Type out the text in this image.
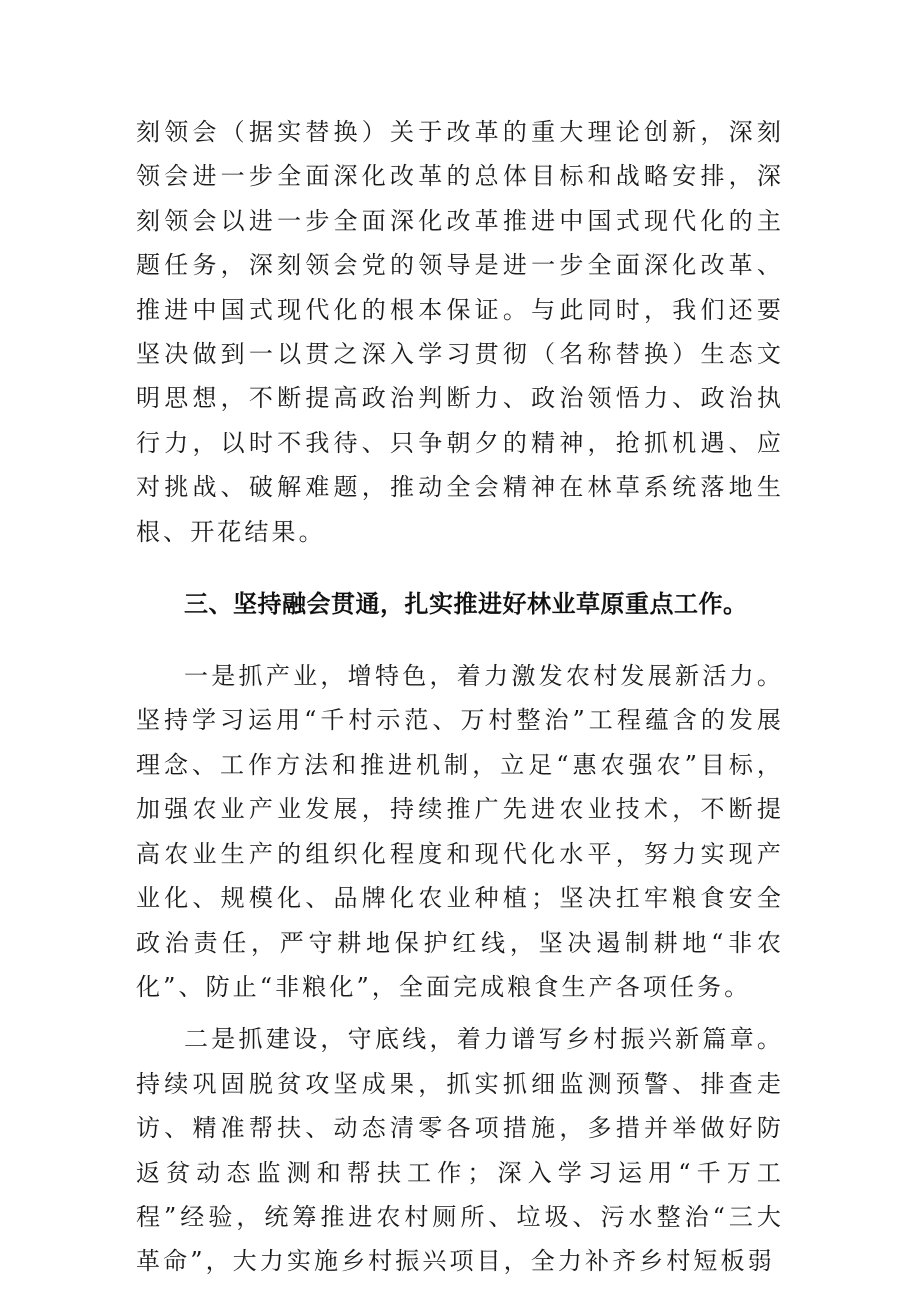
刻领会（据实替换）关于改革的重大理论创新，深刻领会进一步全面深化改革的总体目标和战略安排，深刻领会以进一步全面深化改革推进中国式现代化的主题任务，深刻领会党的领导是进一步全面深化改革、推进中国式现代化的根本保证。与此同时，我们还要坚决做到一以贯之深入学习贯彻（名称替换）生态文明思想，不断提高政治判断力、政治领悟力、政治执行力，以时不我待、只争朝夕的精神，抢抓机遇、应对挑战、破解难题，推动全会精神在林草系统落地生根、开花结果。

三、坚持融会贯通，扎实推进好林业草原重点工作。

一是抓产业，增特色，着力激发农村发展新活力。坚持学习运用“千村示范、万村整治”工程蕴含的发展理念、工作方法和推进机制，立足“惠农强农”目标，加强农业产业发展，持续推广先进农业技术，不断提高农业生产的组织化程度和现代化水平，努力实现产业化、规模化、品牌化农业种植；坚决扛牢粮食安全政治责任，严守耕地保护红线，坚决遏制耕地“非农化”、防止“非粮化”，全面完成粮食生产各项任务。

二是抓建设，守底线，着力谱写乡村振兴新篇章。持续巩固脱贫攻坚成果，抓实抓细监测预警、排查走访、精准帮扶、动态清零各项措施，多措并举做好防返贫动态监测和帮扶工作；深入学习运用“千万工程”经验，统筹推进农村厕所、垃圾、污水整治“三大革命”，大力实施乡村振兴项目，全力补齐乡村短板弱
